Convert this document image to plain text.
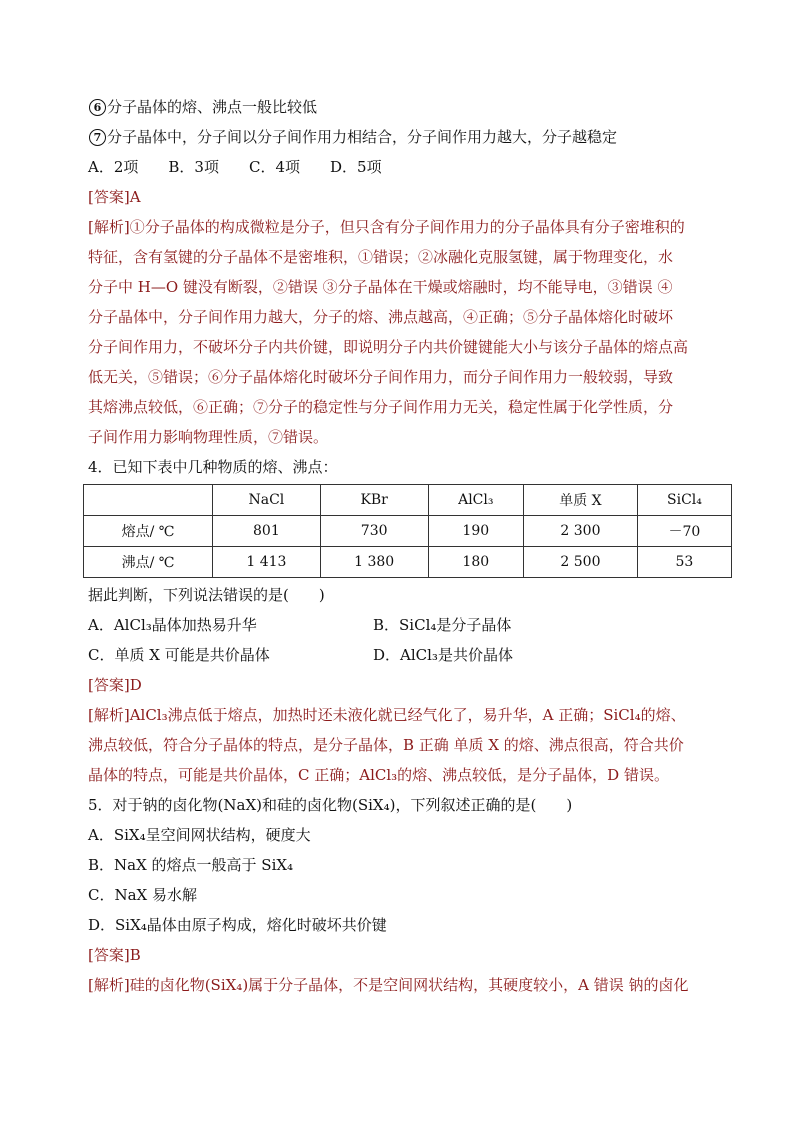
6 分子晶体的熔、沸点一般比较低
7 分子晶体中，分子间以分子间作用力相结合，分子间作用力越大，分子越稳定
A．2项 B．3项 C．4项 D．5项
[答案]A
[解析]①分子晶体的构成微粒是分子，但只含有分子间作用力的分子晶体具有分子密堆积的
特征，含有氢键的分子晶体不是密堆积，①错误；②冰融化克服氢键，属于物理变化，水
分子中 H—O 键没有断裂，②错误 ③分子晶体在干燥或熔融时，均不能导电，③错误 ④
分子晶体中，分子间作用力越大，分子的熔、沸点越高，④正确；⑤分子晶体熔化时破坏
分子间作用力，不破坏分子内共价键，即说明分子内共价键键能大小与该分子晶体的熔点高
低无关，⑤错误；⑥分子晶体熔化时破坏分子间作用力，而分子间作用力一般较弱，导致
其熔沸点较低，⑥正确；⑦分子的稳定性与分子间作用力无关，稳定性属于化学性质，分
子间作用力影响物理性质，⑦错误。
4．已知下表中几种物质的熔、沸点：
	NaCl	KBr	AlCl₃	单质 X	SiCl₄
熔点/ ℃	801	730	190	2 300	－70
沸点/ ℃	1 413	1 380	180	2 500	53
据此判断，下列说法错误的是(　　)
A．AlCl₃晶体加热易升华	B．SiCl₄是分子晶体
C．单质 X 可能是共价晶体	D．AlCl₃是共价晶体
[答案]D
[解析]AlCl₃沸点低于熔点，加热时还未液化就已经气化了，易升华，A 正确；SiCl₄的熔、
沸点较低，符合分子晶体的特点，是分子晶体，B 正确 单质 X 的熔、沸点很高，符合共价
晶体的特点，可能是共价晶体，C 正确；AlCl₃的熔、沸点较低，是分子晶体，D 错误。
5．对于钠的卤化物(NaX)和硅的卤化物(SiX₄)，下列叙述正确的是(　　)
A．SiX₄呈空间网状结构，硬度大
B．NaX 的熔点一般高于 SiX₄
C．NaX 易水解
D．SiX₄晶体由原子构成，熔化时破坏共价键
[答案]B
[解析]硅的卤化物(SiX₄)属于分子晶体，不是空间网状结构，其硬度较小，A 错误 钠的卤化
